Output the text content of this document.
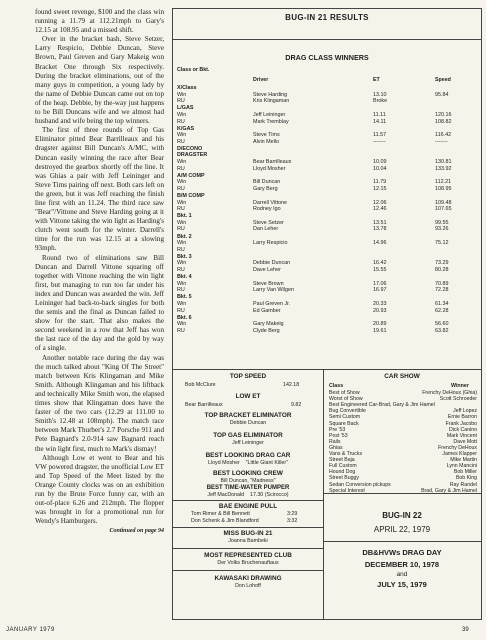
found sweet revenge, $100 and the class win running a 11.79 at 112.21mph to Gary's 12.15 at 108.95 and a missed shift.

Over in the bracket bash, Steve Setzer, Larry Respicio, Debbie Duncan, Steve Brown, Paul Greven and Gary Makeig won Bracket One through Six respectively. During the bracket eliminations, out of the many guys in competition, a young lady by the name of Debbie Duncan came out on top of the heap. Debbie, by the-way just happens to be Bill Duncans wife and we almost had husband and wife being the top winners.

The first of three rounds of Top Gas Eliminator pitted Bear Barrilleaux and his dragster against Bill Duncan's A/MC, with Duncan easily winning the race after Bear destroyed the gearbox shortly off the line. It was Ghias a pair with Jeff Leininger and Steve Tims pairing off next. Both cars left on the green, but it was Jeff reaching the finish line first with an 11.24. The third race saw "Bear"/Vittone and Steve Harding going at it with Vittone taking the win light as Harding's clutch went south for the winter. Darrell's time for the run was 12.15 at a slowing 93mph.

Round two of eliminations saw Bill Duncan and Darrell Vittone squaring off together with Vittone reaching the win light first, but managing to run too far under his index and Duncan was awarded the win. Jeff Leininger had back-to-back singles for both the semis and the final as Duncan failed to show for the start. That also makes the second weekend in a row that Jeff has won the last race of the day and the gold by way of a single.

Another notable race during the day was the much talked about "King Of The Street" match between Kris Klingaman and Mike Smith. Although Klingaman and his liftback and technically Mike Smith won, the elapsed times show that Klingaman does have the faster of the two cars (12.29 at 111.00 to Smith's 12.48 at 108mph). The match race between Mark Thurber's 2.7 Porsche 911 and Pete Bagnard's 2.0-914 saw Bagnard reach the win light first, much to Mark's dismay!

Although Low et went to Bear and his VW powered dragster, the unofficial Low ET and Top Speed of the Meet listed by the Orange County clocks was on an exhibition run by the Brute Force funny car, with an out-of-place 6.26 and 212mph. The flopper was brought in for a promotional run for Wendy's Hamburgers.

Continued on page 94
JANUARY 1979	39
BUG-IN 21 RESULTS
DRAG CLASS WINNERS
Class or Bkt.
Driver	ET	Speed
X/Class
Win	Steve Harding	13.10	95.84
RU	Kris Klingaman	Broke
L/GAS
Win	Jeff Leininger	11.11	120.16
RU	Mark Tremblay	14.11	108.82
K/GAS
Win	Steve Tims	11.57	116.42
RU	Alvin Mello	-------	-------
D/ECONO DRAGSTER
Win	Bear Barrilleaux	10.09	130.81
RU	Lloyd Mosher	10.04	133.92
A/M COMP
Win	Bill Duncan	11.79	112.21
RU	Gary Berg	12.15	108.95
B/M COMP
Win	Darrell Vittone	12.06	109.48
RU	Rodney Igo	12.46	107.65
Bkt. 1
Win	Steve Setzer	13.51	99.55
RU	Dan Leher	13.78	93.26
Bkt. 2
Win	Larry Respicio	14.96	75.12
RU
Bkt. 3
Win	Debbie Duncan	16.42	73.29
RU	Dave Leher	15.55	80.28
Bkt. 4
Win	Steve Brown	17.06	70.89
RU	Larry Van Wilgen	16.97	72.28
Bkt. 5
Win	Paul Greven Jr.	20.33	61.34
RU	Ed Gamber	20.93	62.28
Bkt. 6
Win	Gary Makeig	20.89	56.60
RU	Clyde Berg	19.61	63.82
TOP SPEED
Bob McClure	142.18
LOW ET
Bear Barrilleaux	9.82
TOP BRACKET ELIMINATOR
Debbie Duncan
TOP GAS ELIMINATOR
Jeff Leininger
BEST LOOKING DRAG CAR
Lloyd Mosher    "Little Giant Killer"
BEST LOOKING CREW
Bill Duncan, "Madness"
BEST TIME-WATER PUMPER
Jeff MacDonald    17.30 (Scirocco)
CAR SHOW
Class	Winner
Best of Show	Frenchy DeHoux (Ghia)
Worst of Show	Scott Schroeder
Best Engineered Car-Brad, Gary & Jim Hamel
Bug Convertible	Jeff Lopez
Semi Custom	Ernie Barron
Square Back	Frank Jacobo
Pre '53	Dick Canino
Post '53	Mark Vincent
Rails	Dave Mott
Ghias	Frenchy DeHoux
Vans & Trucks	James Klapper
Street Baja	Mike Martin
Full Custom	Lynn Mancini
Hound Dog	Bob Miller
Street Buggy	Bob King
Sedan Conversion pickups	Ray Randel
Special Interest	Brad, Gary & Jim Hamel
BAE ENGINE PULL
Tom Rimer & Bill Bennett	3:29
Don Schenk & Jim Blandford	3:32
MISS BUG-IN 21
Joanna Bambeki
MOST REPRESENTED CLUB
Der Volks Bruchenauftaus
KAWASAKI DRAWING
Don Lohoff
BUG-IN 22
APRIL 22, 1979
DB&HVWs DRAG DAY
DECEMBER 10, 1978
and
JULY 15, 1979
